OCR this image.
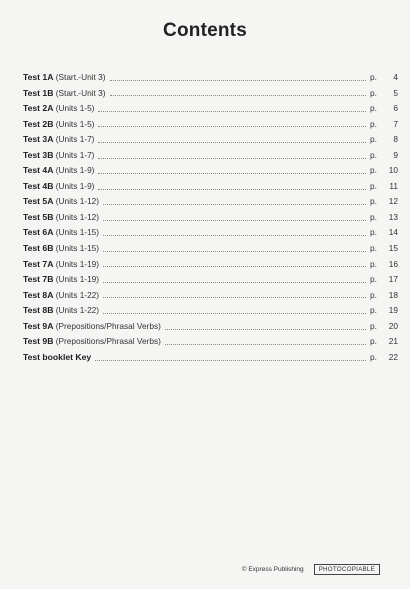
Contents
Test 1A (Start.-Unit 3)	p. 4
Test 1B (Start.-Unit 3)	p. 5
Test 2A (Units 1-5)	p. 6
Test 2B (Units 1-5)	p. 7
Test 3A (Units 1-7)	p. 8
Test 3B (Units 1-7)	p. 9
Test 4A (Units 1-9)	p. 10
Test 4B (Units 1-9)	p. 11
Test 5A (Units 1-12)	p. 12
Test 5B (Units 1-12)	p. 13
Test 6A (Units 1-15)	p. 14
Test 6B (Units 1-15)	p. 15
Test 7A (Units 1-19)	p. 16
Test 7B (Units 1-19)	p. 17
Test 8A (Units 1-22)	p. 18
Test 8B (Units 1-22)	p. 19
Test 9A (Prepositions/Phrasal Verbs)	p. 20
Test 9B (Prepositions/Phrasal Verbs)	p. 21
Test booklet Key	p. 22
© Express Publishing	PHOTOCOPIABLE
